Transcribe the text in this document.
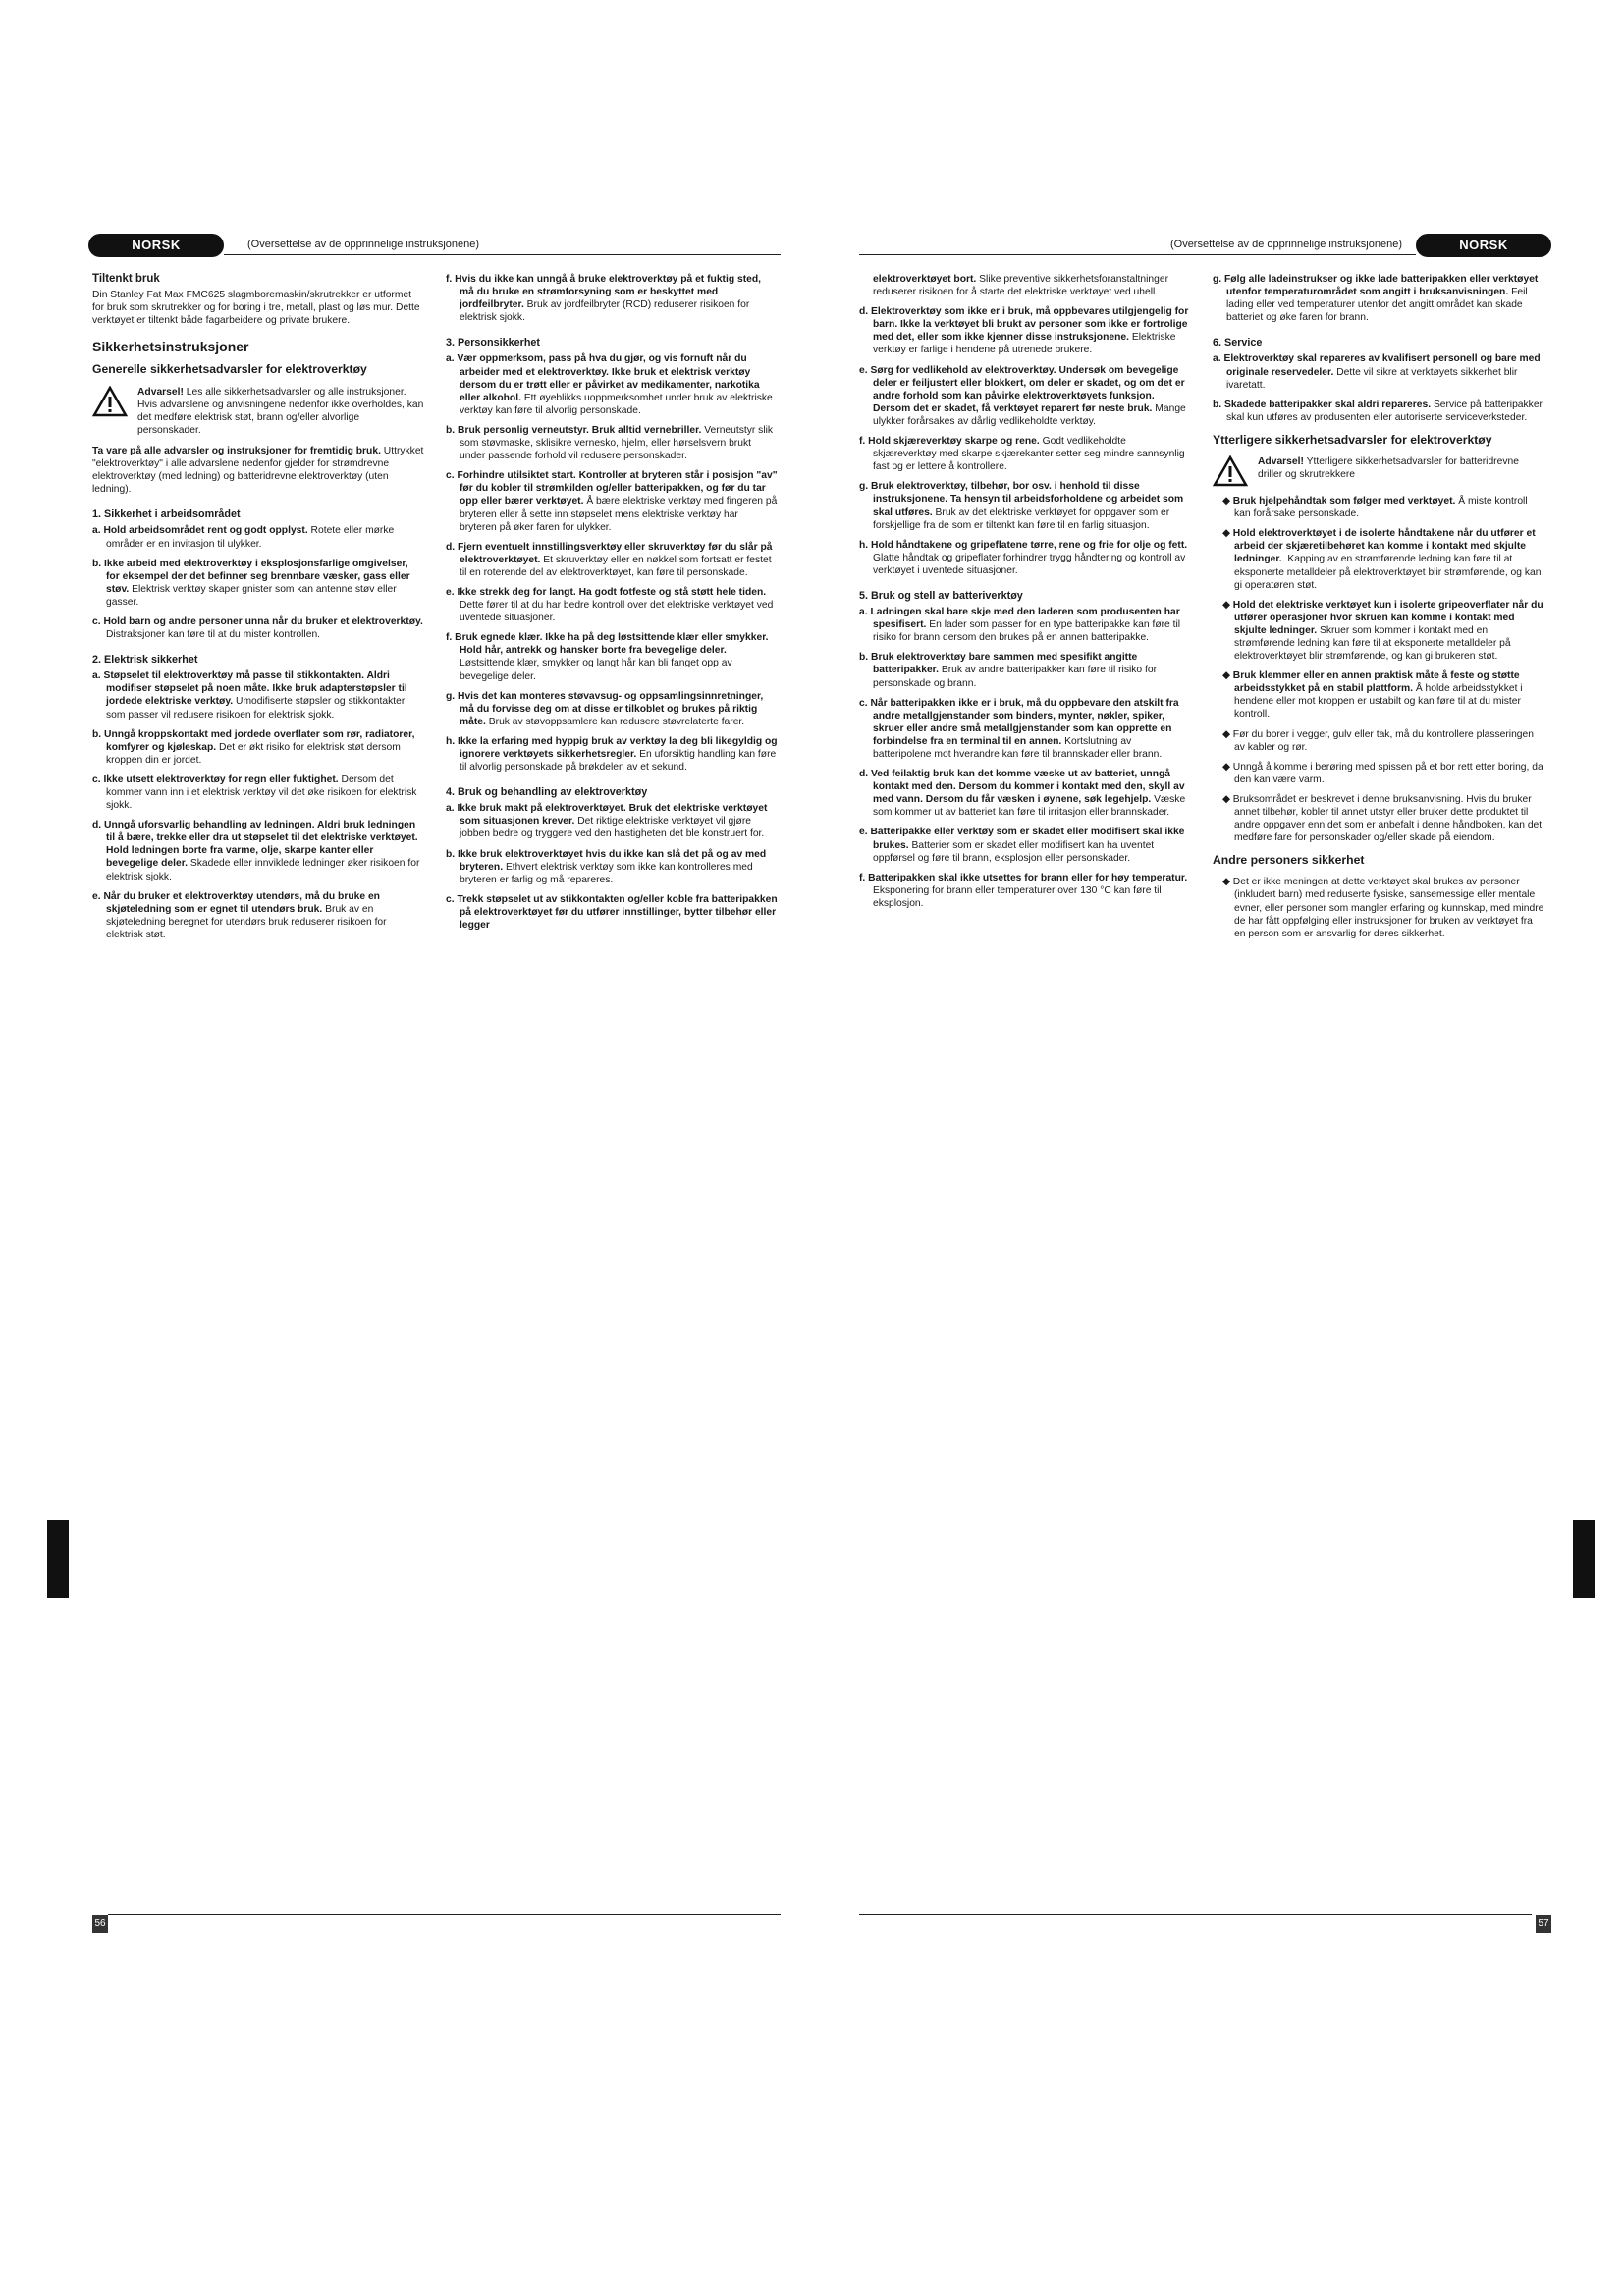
NORSK	(Oversettelse av de opprinnelige instruksjonene)
Tiltenkt bruk

Din Stanley Fat Max FMC625 slagmboremaskin/skrutrekker er utformet for bruk som skrutrekker og for boring i tre, metall, plast og løs mur. Dette verktøyet er tiltenkt både fagarbeidere og private brukere.

Sikkerhetsinstruksjoner
Generelle sikkerhetsadvarsler for elektroverktøy
Advarsel! Les alle sikkerhetsadvarsler og alle instruksjoner. Hvis advarslene og anvisningene nedenfor ikke overholdes, kan det medføre elektrisk støt, brann og/eller alvorlige personskader.

Ta vare på alle advarsler og instruksjoner for fremtidig bruk. Uttrykket "elektroverktøy" i alle advarslene nedenfor gjelder for strømdrevne elektroverktøy (med ledning) og batteridrevne elektroverktøy (uten ledning).

1. Sikkerhet i arbeidsområdet

a. Hold arbeidsområdet rent og godt opplyst. Rotete eller mørke områder er en invitasjon til ulykker.

b. Ikke arbeid med elektroverktøy i eksplosjonsfarlige omgivelser, for eksempel der det befinner seg brennbare væsker, gass eller støv. Elektrisk verktøy skaper gnister som kan antenne støv eller gasser.

c. Hold barn og andre personer unna når du bruker et elektroverktøy. Distraksjoner kan føre til at du mister kontrollen.

2. Elektrisk sikkerhet

a. Støpselet til elektroverktøy må passe til stikkontakten. Aldri modifiser støpselet på noen måte. Ikke bruk adapterstøpsler til jordede elektriske verktøy. Umodifiserte støpsler og stikkontakter som passer vil redusere risikoen for elektrisk sjokk.

b. Unngå kroppskontakt med jordede overflater som rør, radiatorer, komfyrer og kjøleskap. Det er økt risiko for elektrisk støt dersom kroppen din er jordet.

c. Ikke utsett elektroverktøy for regn eller fuktighet. Dersom det kommer vann inn i et elektrisk verktøy vil det øke risikoen for elektrisk sjokk.

d. Unngå uforsvarlig behandling av ledningen. Aldri bruk ledningen til å bære, trekke eller dra ut støpselet til det elektriske verktøyet. Hold ledningen borte fra varme, olje, skarpe kanter eller bevegelige deler. Skadede eller innviklede ledninger øker risikoen for elektrisk sjokk.

e. Når du bruker et elektroverktøy utendørs, må du bruke en skjøteledning som er egnet til utendørs bruk. Bruk av en skjøteledning beregnet for utendørs bruk reduserer risikoen for elektrisk støt.

f. Hvis du ikke kan unngå å bruke elektroverktøy på et fuktig sted, må du bruke en strømforsyning som er beskyttet med jordfeilbryter. Bruk av jordfeilbryter (RCD) reduserer risikoen for elektrisk sjokk.

3. Personsikkerhet

a. Vær oppmerksom, pass på hva du gjør, og vis fornuft når du arbeider med et elektroverktøy. Ikke bruk et elektrisk verktøy dersom du er trøtt eller er påvirket av medikamenter, narkotika eller alkohol. Ett øyeblikks uoppmerksomhet under bruk av elektriske verktøy kan føre til alvorlig personskade.

b. Bruk personlig verneutstyr. Bruk alltid vernebriller. Verneutstyr slik som støvmaske, sklisikre vernesko, hjelm, eller hørselsvern brukt under passende forhold vil redusere personskader.

c. Forhindre utilsiktet start. Kontroller at bryteren står i posisjon "av" før du kobler til strømkilden og/eller batteripakken, og før du tar opp eller bærer verktøyet. Å bære elektriske verktøy med fingeren på bryteren eller å sette inn støpselet mens elektriske verktøy har bryteren på øker faren for ulykker.

d. Fjern eventuelt innstillingsverktøy eller skruverktøy før du slår på elektroverktøyet. Et skruverktøy eller en nøkkel som fortsatt er festet til en roterende del av elektroverktøyet, kan føre til personskade.

e. Ikke strekk deg for langt. Ha godt fotfeste og stå støtt hele tiden. Dette fører til at du har bedre kontroll over det elektriske verktøyet ved uventede situasjoner.

f. Bruk egnede klær. Ikke ha på deg løstsittende klær eller smykker. Hold hår, antrekk og hansker borte fra bevegelige deler. Løstsittende klær, smykker og langt hår kan bli fanget opp av bevegelige deler.

g. Hvis det kan monteres støvavsug- og oppsamlingsinnretninger, må du forvisse deg om at disse er tilkoblet og brukes på riktig måte. Bruk av støvoppsamlere kan redusere støvrelaterte farer.

h. Ikke la erfaring med hyppig bruk av verktøy la deg bli likegyldig og ignorere verktøyets sikkerhetsregler. En uforsiktig handling kan føre til alvorlig personskade på brøkdelen av et sekund.

4. Bruk og behandling av elektroverktøy

a. Ikke bruk makt på elektroverktøyet. Bruk det elektriske verktøyet som situasjonen krever. Det riktige elektriske verktøyet vil gjøre jobben bedre og tryggere ved den hastigheten det ble konstruert for.

b. Ikke bruk elektroverktøyet hvis du ikke kan slå det på og av med bryteren. Ethvert elektrisk verktøy som ikke kan kontrolleres med bryteren er farlig og må repareres.

c. Trekk støpselet ut av stikkontakten og/eller koble fra batteripakken på elektroverktøyet før du utfører innstillinger, bytter tilbehør eller legger

56
(Oversettelse av de opprinnelige instruksjonene)	NORSK

elektroverktøyet bort. Slike preventive sikkerhetsforanstaltninger reduserer risikoen for å starte det elektriske verktøyet ved uhell.

d. Elektroverktøy som ikke er i bruk, må oppbevares utilgjengelig for barn. Ikke la verktøyet bli brukt av personer som ikke er fortrolige med det, eller som ikke kjenner disse instruksjonene. Elektriske verktøy er farlige i hendene på utrenede brukere.

e. Sørg for vedlikehold av elektroverktøy. Undersøk om bevegelige deler er feiljustert eller blokkert, om deler er skadet, og om det er andre forhold som kan påvirke elektroverktøyets funksjon. Dersom det er skadet, få verktøyet reparert før neste bruk. Mange ulykker forårsakes av dårlig vedlikeholdte verktøy.

f. Hold skjæreverktøy skarpe og rene. Godt vedlikeholdte skjæreverktøy med skarpe skjærekanter setter seg mindre sannsynlig fast og er lettere å kontrollere.

g. Bruk elektroverktøy, tilbehør, bor osv. i henhold til disse instruksjonene. Ta hensyn til arbeidsforholdene og arbeidet som skal utføres. Bruk av det elektriske verktøyet for oppgaver som er forskjellige fra de som er tiltenkt kan føre til en farlig situasjon.

h. Hold håndtakene og gripeflatene tørre, rene og frie for olje og fett. Glatte håndtak og gripeflater forhindrer trygg håndtering og kontroll av verktøyet i uventede situasjoner.

5. Bruk og stell av batteriverktøy

a. Ladningen skal bare skje med den laderen som produsenten har spesifisert. En lader som passer for en type batteripakke kan føre til risiko for brann dersom den brukes på en annen batteripakke.

b. Bruk elektroverktøy bare sammen med spesifikt angitte batteripakker. Bruk av andre batteripakker kan føre til risiko for personskade og brann.

c. Når batteripakken ikke er i bruk, må du oppbevare den atskilt fra andre metallgjenstander som binders, mynter, nøkler, spiker, skruer eller andre små metallgjenstander som kan opprette en forbindelse fra en terminal til en annen. Kortslutning av batteripolene mot hverandre kan føre til brannskader eller brann.

d. Ved feilaktig bruk kan det komme væske ut av batteriet, unngå kontakt med den. Dersom du kommer i kontakt med den, skyll av med vann. Dersom du får væsken i øynene, søk legehjelp. Væske som kommer ut av batteriet kan føre til irritasjon eller brannskader.

e. Batteripakke eller verktøy som er skadet eller modifisert skal ikke brukes. Batterier som er skadet eller modifisert kan ha uventet oppførsel og føre til brann, eksplosjon eller personskader.

f. Batteripakken skal ikke utsettes for brann eller for høy temperatur. Eksponering for brann eller temperaturer over 130 °C kan føre til eksplosjon.

g. Følg alle ladeinstrukser og ikke lade batteripakken eller verktøyet utenfor temperaturområdet som angitt i bruksanvisningen. Feil lading eller ved temperaturer utenfor det angitt området kan skade batteriet og øke faren for brann.

6. Service

a. Elektroverktøy skal repareres av kvalifisert personell og bare med originale reservedeler. Dette vil sikre at verktøyets sikkerhet blir ivaretatt.

b. Skadede batteripakker skal aldri repareres. Service på batteripakker skal kun utføres av produsenten eller autoriserte serviceverksteder.

Ytterligere sikkerhetsadvarsler for elektroverktøy
Advarsel! Ytterligere sikkerhetsadvarsler for batteridrevne driller og skrutrekkere

◆ Bruk hjelpehåndtak som følger med verktøyet. Å miste kontroll kan forårsake personskade.

◆ Hold elektroverktøyet i de isolerte håndtakene når du utfører et arbeid der skjæretilbehøret kan komme i kontakt med skjulte ledninger.. Kapping av en strømførende ledning kan føre til at eksponerte metalldeler på elektroverktøyet blir strømførende, og kan gi operatøren støt.

◆ Hold det elektriske verktøyet kun i isolerte gripeoverflater når du utfører operasjoner hvor skruen kan komme i kontakt med skjulte ledninger. Skruer som kommer i kontakt med en strømførende ledning kan føre til at eksponerte metalldeler på elektroverktøyet blir strømførende, og kan gi brukeren støt.

◆ Bruk klemmer eller en annen praktisk måte å feste og støtte arbeidsstykket på en stabil plattform. Å holde arbeidsstykket i hendene eller mot kroppen er ustabilt og kan føre til at du mister kontroll.

◆ Før du borer i vegger, gulv eller tak, må du kontrollere plasseringen av kabler og rør.

◆ Unngå å komme i berøring med spissen på et bor rett etter boring, da den kan være varm.

◆ Bruksområdet er beskrevet i denne bruksanvisning. Hvis du bruker annet tilbehør, kobler til annet utstyr eller bruker dette produktet til andre oppgaver enn det som er anbefalt i denne håndboken, kan det medføre fare for personskader og/eller skade på eiendom.

Andre personers sikkerhet

◆ Det er ikke meningen at dette verktøyet skal brukes av personer (inkludert barn) med reduserte fysiske, sansemessige eller mentale evner, eller personer som mangler erfaring og kunnskap, med mindre de har fått oppfølging eller instruksjoner for bruken av verktøyet fra en person som er ansvarlig for deres sikkerhet.

57
